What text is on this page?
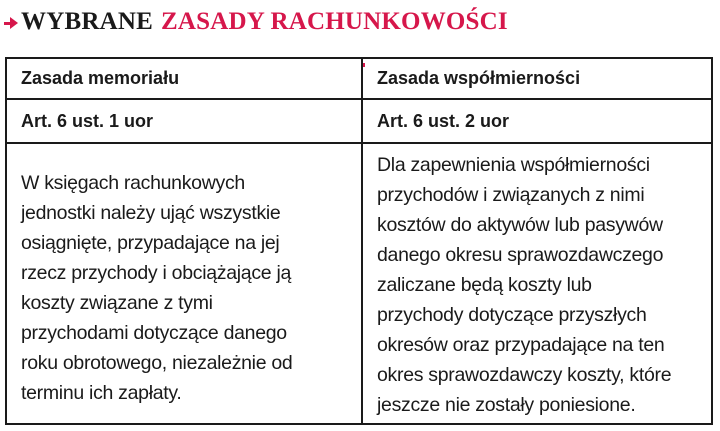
WYBRANE ZASADY RACHUNKOWOŚCI
Zasada memoriału	Zasada współmierności
Art. 6 ust. 1 uor	Art. 6 ust. 2 uor
W księgach rachunkowych
jednostki należy ująć wszystkie
osiągnięte, przypadające na jej
rzecz przychody i obciążające ją
koszty związane z tymi
przychodami dotyczące danego
roku obrotowego, niezależnie od
terminu ich zapłaty.
Dla zapewnienia współmierności
przychodów i związanych z nimi
kosztów do aktywów lub pasywów
danego okresu sprawozdawczego
zaliczane będą koszty lub
przychody dotyczące przyszłych
okresów oraz przypadające na ten
okres sprawozdawczy koszty, które
jeszcze nie zostały poniesione.
